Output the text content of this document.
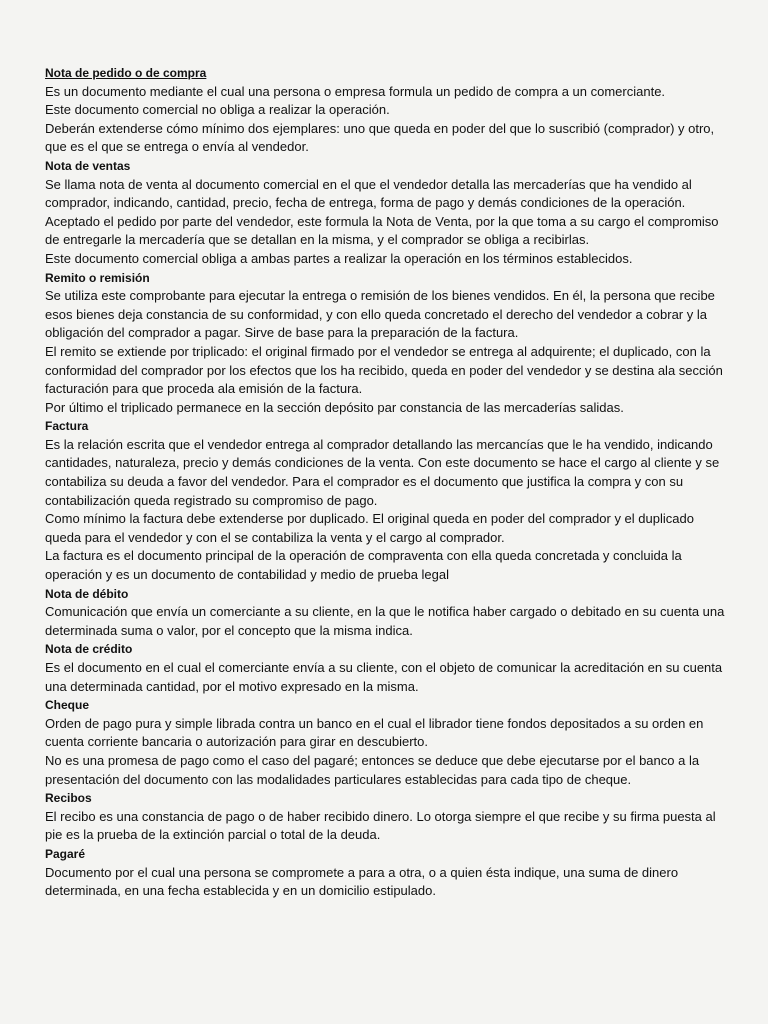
Nota de pedido o de compra

Es un documento mediante el cual una persona o empresa formula un pedido de compra a un comerciante.

Este documento comercial no obliga a realizar la operación.

Deberán extenderse cómo mínimo dos ejemplares: uno que queda en poder del que lo suscribió (comprador) y otro, que es el que se entrega o envía al vendedor.

Nota de ventas

Se llama nota de venta al documento comercial en el que el vendedor detalla las mercaderías que ha vendido al comprador, indicando, cantidad, precio, fecha de entrega, forma de pago y demás condiciones de la operación.

Aceptado el pedido por parte del vendedor, este formula la Nota de Venta, por la que toma a su cargo el compromiso de entregarle la mercadería que se detallan en la misma, y el comprador se obliga a recibirlas.

Este documento comercial obliga a ambas partes a realizar la operación en los términos establecidos.

Remito o remisión

Se utiliza este comprobante para ejecutar la entrega o remisión de los bienes vendidos. En él, la persona que recibe esos bienes deja constancia de su conformidad, y con ello queda concretado el derecho del vendedor a cobrar y la obligación del comprador a pagar. Sirve de base para la preparación de la factura.

El remito se extiende por triplicado: el original firmado por el vendedor se entrega al adquirente; el duplicado, con la conformidad del comprador por los efectos que los ha recibido, queda en poder del vendedor y se destina ala sección facturación para que proceda ala emisión de la factura.

Por último el triplicado permanece en la sección depósito par constancia de las mercaderías salidas.

Factura

Es la relación escrita que el vendedor entrega al comprador detallando las mercancías que le ha vendido, indicando cantidades, naturaleza, precio y demás condiciones de la venta. Con este documento se hace el cargo al cliente y se contabiliza su deuda a favor del vendedor. Para el comprador es el documento que justifica la compra y con su contabilización queda registrado su compromiso de pago.

Como mínimo la factura debe extenderse por duplicado. El original queda en poder del comprador y el duplicado queda para el vendedor y con el se contabiliza la venta y el cargo al comprador.

La factura es el documento principal de la operación de compraventa con ella queda concretada y concluida la operación y es un documento de contabilidad y medio de prueba legal

Nota de débito

Comunicación que envía un comerciante a su cliente, en la que le notifica haber cargado o debitado en su cuenta una determinada suma o valor, por el concepto que la misma indica.

Nota de crédito

Es el documento en el cual el comerciante envía a su cliente, con el objeto de comunicar la acreditación en su cuenta una determinada cantidad, por el motivo expresado en la misma.

Cheque

Orden de pago pura y simple librada contra un banco en el cual el librador tiene fondos depositados a su orden en cuenta corriente bancaria o autorización para girar en descubierto.

No es una promesa de pago como el caso del pagaré; entonces se deduce que debe ejecutarse por el banco a la presentación del documento con las modalidades particulares establecidas para cada tipo de cheque.

Recibos

El recibo es una constancia de pago o de haber recibido dinero. Lo otorga siempre el que recibe y su firma puesta al pie es la prueba de la extinción parcial o total de la deuda.

Pagaré

Documento por el cual una persona se compromete a para a otra, o a quien ésta indique, una suma de dinero determinada, en una fecha establecida y en un domicilio estipulado.
